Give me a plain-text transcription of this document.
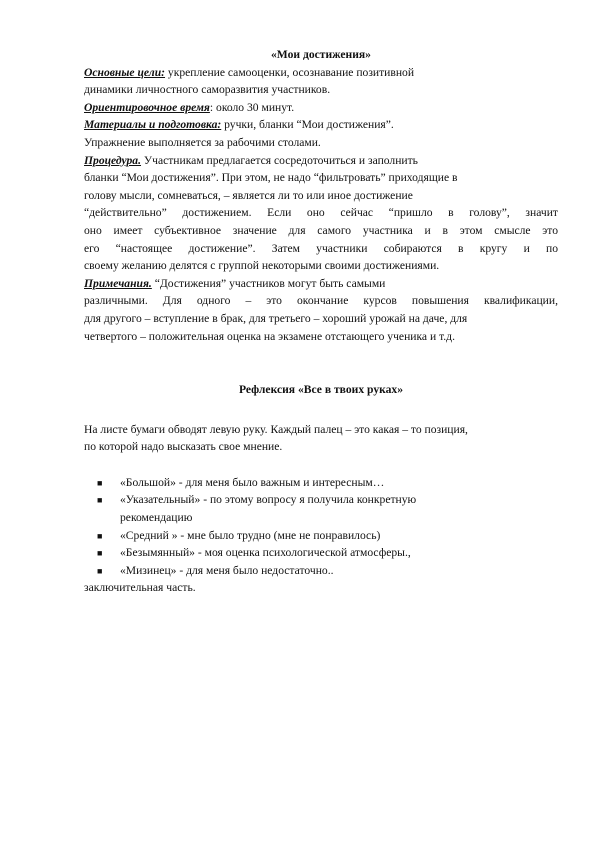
«Мои достижения»
Основные цели: укрепление самооценки, осознавание позитивной
динамики личностного саморазвития участников.
Ориентировочное время: около 30 минут.
Материалы и подготовка: ручки, бланки “Мои достижения”.
Упражнение выполняется за рабочими столами.
Процедура. Участникам предлагается сосредоточиться и заполнить
бланки “Мои достижения”. При этом, не надо “фильтровать” приходящие в
голову мысли, сомневаться, – является ли то или иное достижение
“действительно” достижением. Если оно сейчас “пришло в голову”, значит
оно имеет субъективное значение для самого участника и в этом смысле это
его “настоящее достижение”. Затем участники собираются в кругу и по
своему желанию делятся с группой некоторыми своими достижениями.
Примечания. “Достижения” участников могут быть самыми
различными. Для одного – это окончание курсов повышения квалификации,
для другого – вступление в брак, для третьего – хороший урожай на даче, для
четвертого – положительная оценка на экзамене отстающего ученика и т.д.
Рефлексия «Все в твоих руках»
На листе бумаги обводят левую руку. Каждый палец – это какая – то позиция,
по которой надо высказать свое мнение.
■ «Большой» - для меня было важным и интересным…
■ «Указательный» - по этому вопросу я получила конкретную
рекомендацию
■ «Средний » - мне было трудно (мне не понравилось)
■ «Безымянный» - моя оценка психологической атмосферы.,
■ «Мизинец» - для меня было недостаточно..
заключительная часть.
